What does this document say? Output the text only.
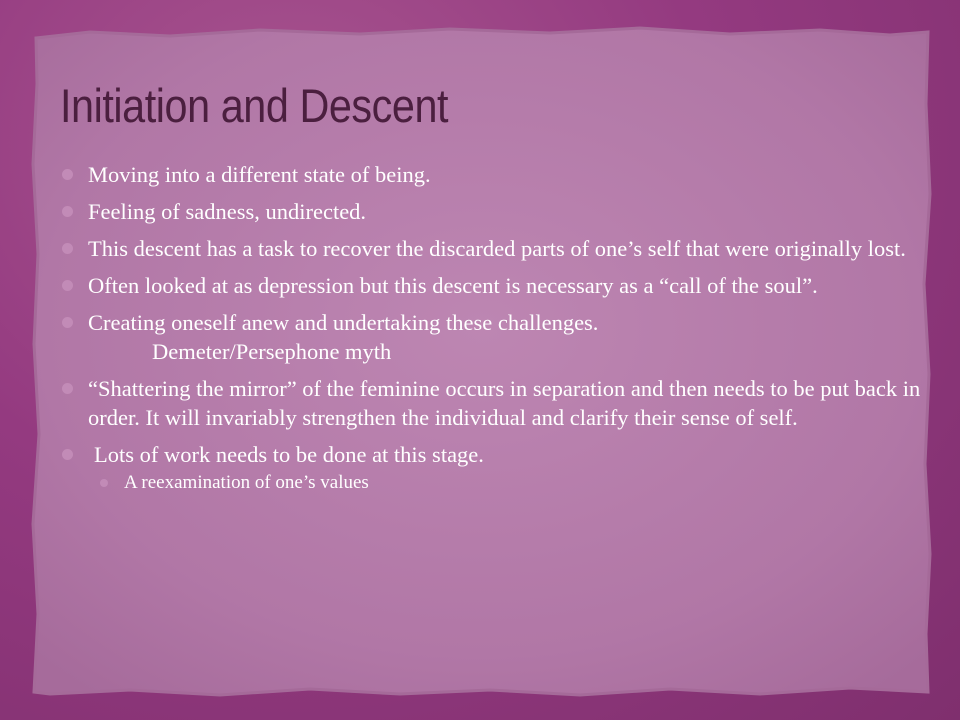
Initiation and Descent
Moving into a different state of being.
Feeling of sadness, undirected.
This descent has a task to recover the discarded parts of one’s self that were originally lost.
Often looked at as depression but this descent is necessary as a “call of the soul”.
Creating oneself anew and undertaking these challenges.
Demeter/Persephone myth
“Shattering the mirror” of the feminine occurs in separation and then needs to be put back in order. It will invariably strengthen the individual and clarify their sense of self.
Lots of work needs to be done at this stage.
A reexamination of one’s values
